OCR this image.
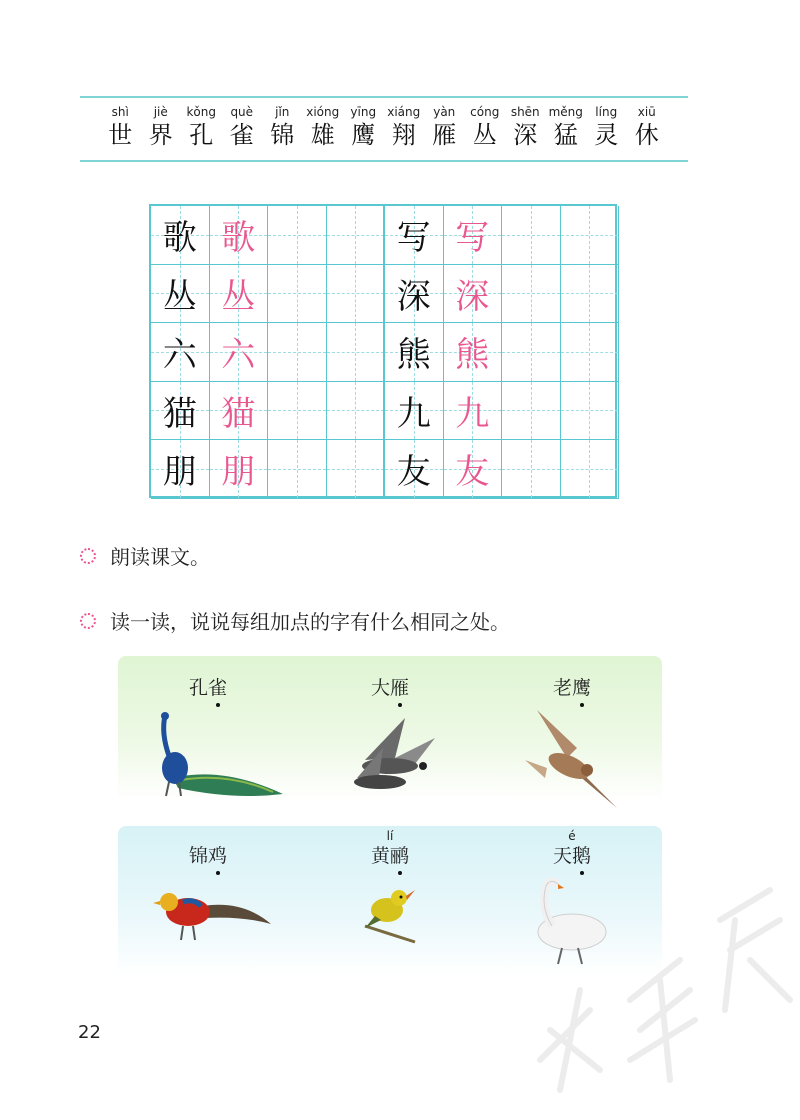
shì
世
jiè
界
kǒng
孔
què
雀
jǐn
锦
xióng
雄
yīng
鹰
xiáng
翔
yàn
雁
cóng
丛
shēn
深
měng
猛
líng
灵
xiū
休
歌 歌	写 写
丛 丛	深 深
六 六	熊 熊
猫 猫	九 九
朋 朋	友 友
朗读课文。
读一读，说说每组加点的字有什么相同之处。
孔 雀	大 雁	老 鹰
锦 鸡
lí
黄 鹂
é
天 鹅
22
